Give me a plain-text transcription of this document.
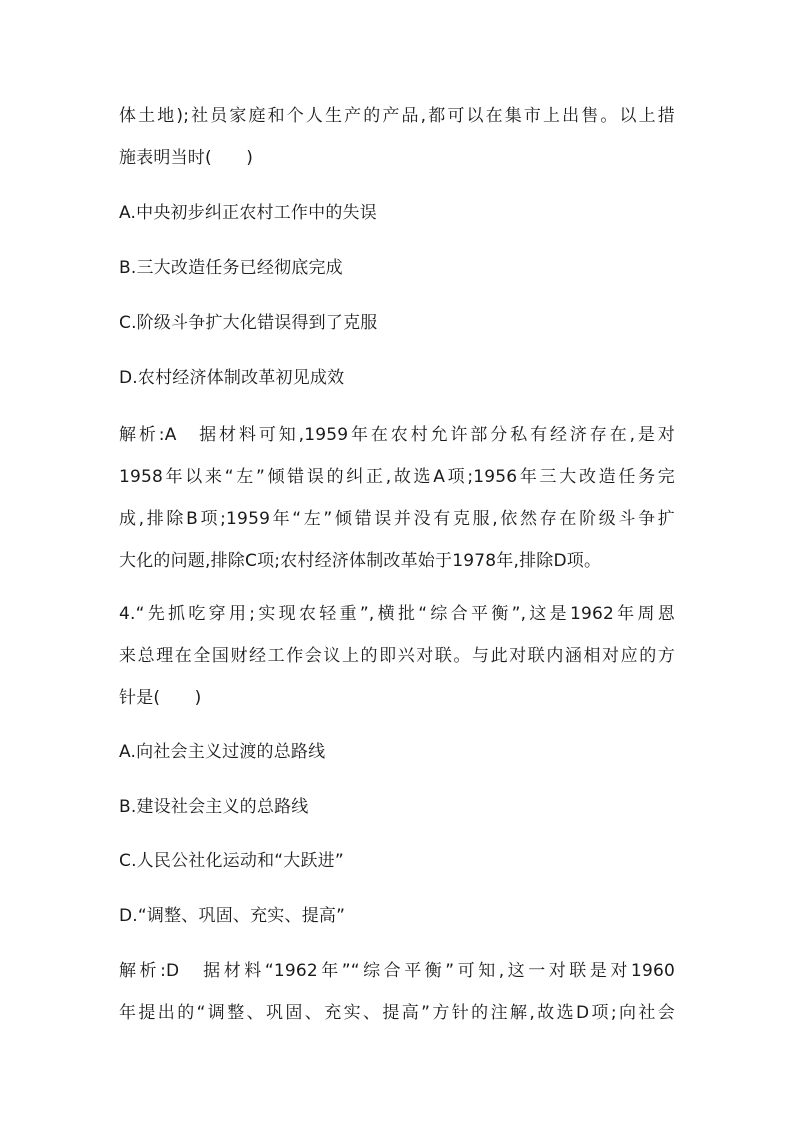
体土地);社员家庭和个人生产的产品,都可以在集市上出售。以上措
施表明当时(　　)
A.中央初步纠正农村工作中的失误
B.三大改造任务已经彻底完成
C.阶级斗争扩大化错误得到了克服
D.农村经济体制改革初见成效
解析:A　据材料可知,1959年在农村允许部分私有经济存在,是对
1958年以来“左”倾错误的纠正,故选A项;1956年三大改造任务完
成,排除B项;1959年“左”倾错误并没有克服,依然存在阶级斗争扩
大化的问题,排除C项;农村经济体制改革始于1978年,排除D项。
4.“先抓吃穿用;实现农轻重”,横批“综合平衡”,这是1962年周恩
来总理在全国财经工作会议上的即兴对联。与此对联内涵相对应的方
针是(　　)
A.向社会主义过渡的总路线
B.建设社会主义的总路线
C.人民公社化运动和“大跃进”
D.“调整、巩固、充实、提高”
解析:D　据材料“1962年”“综合平衡”可知,这一对联是对1960
年提出的“调整、巩固、充实、提高”方针的注解,故选D项;向社会
